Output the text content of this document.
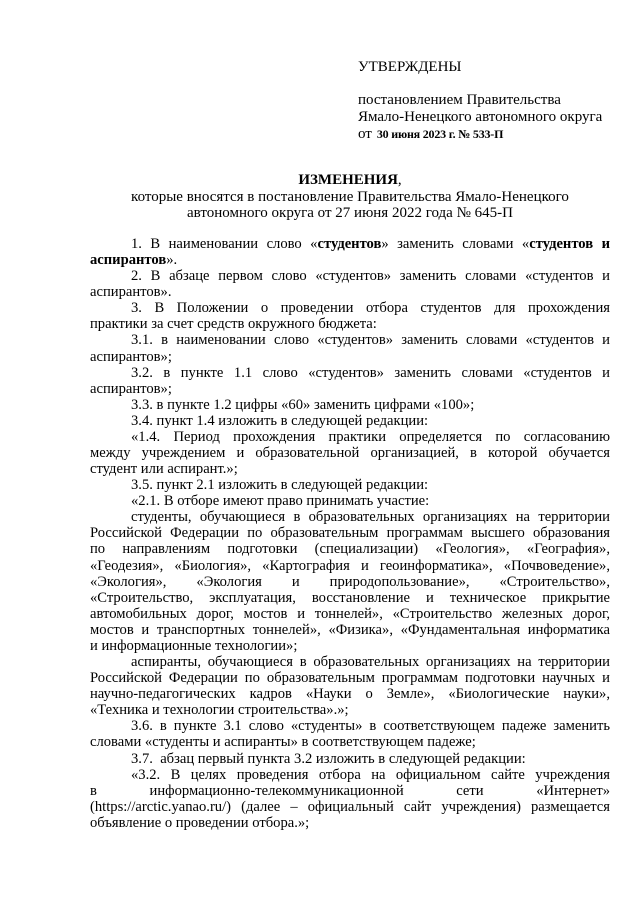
УТВЕРЖДЕНЫ
постановлением Правительства
Ямало-Ненецкого автономного округа
от 30 июня 2023 г. № 533-П
ИЗМЕНЕНИЯ,
которые вносятся в постановление Правительства Ямало-Ненецкого
автономного округа от 27 июня 2022 года № 645-П
1. В наименовании слово «студентов» заменить словами «студентов и
аспирантов».
2. В абзаце первом слово «студентов» заменить словами «студентов и
аспирантов».
3. В Положении о проведении отбора студентов для прохождения
практики за счет средств окружного бюджета:
3.1. в наименовании слово «студентов» заменить словами «студентов и
аспирантов»;
3.2. в пункте 1.1 слово «студентов» заменить словами «студентов и
аспирантов»;
3.3. в пункте 1.2 цифры «60» заменить цифрами «100»;
3.4. пункт 1.4 изложить в следующей редакции:
«1.4. Период прохождения практики определяется по согласованию
между учреждением и образовательной организацией, в которой обучается
студент или аспирант.»;
3.5. пункт 2.1 изложить в следующей редакции:
«2.1. В отборе имеют право принимать участие:
студенты, обучающиеся в образовательных организациях на территории
Российской Федерации по образовательным программам высшего образования
по направлениям подготовки (специализации) «Геология», «География»,
«Геодезия», «Биология», «Картография и геоинформатика», «Почвоведение»,
«Экология», «Экология и природопользование», «Строительство»,
«Строительство, эксплуатация, восстановление и техническое прикрытие
автомобильных дорог, мостов и тоннелей», «Строительство железных дорог,
мостов и транспортных тоннелей», «Физика», «Фундаментальная информатика
и информационные технологии»;
аспиранты, обучающиеся в образовательных организациях на территории
Российской Федерации по образовательным программам подготовки научных и
научно-педагогических кадров «Науки о Земле», «Биологические науки»,
«Техника и технологии строительства».»;
3.6. в пункте 3.1 слово «студенты» в соответствующем падеже заменить
словами «студенты и аспиранты» в соответствующем падеже;
3.7.  абзац первый пункта 3.2 изложить в следующей редакции:
«3.2. В целях проведения отбора на официальном сайте учреждения
в информационно-телекоммуникационной сети «Интернет»
(https://arctic.yanao.ru/) (далее – официальный сайт учреждения) размещается
объявление о проведении отбора.»;
